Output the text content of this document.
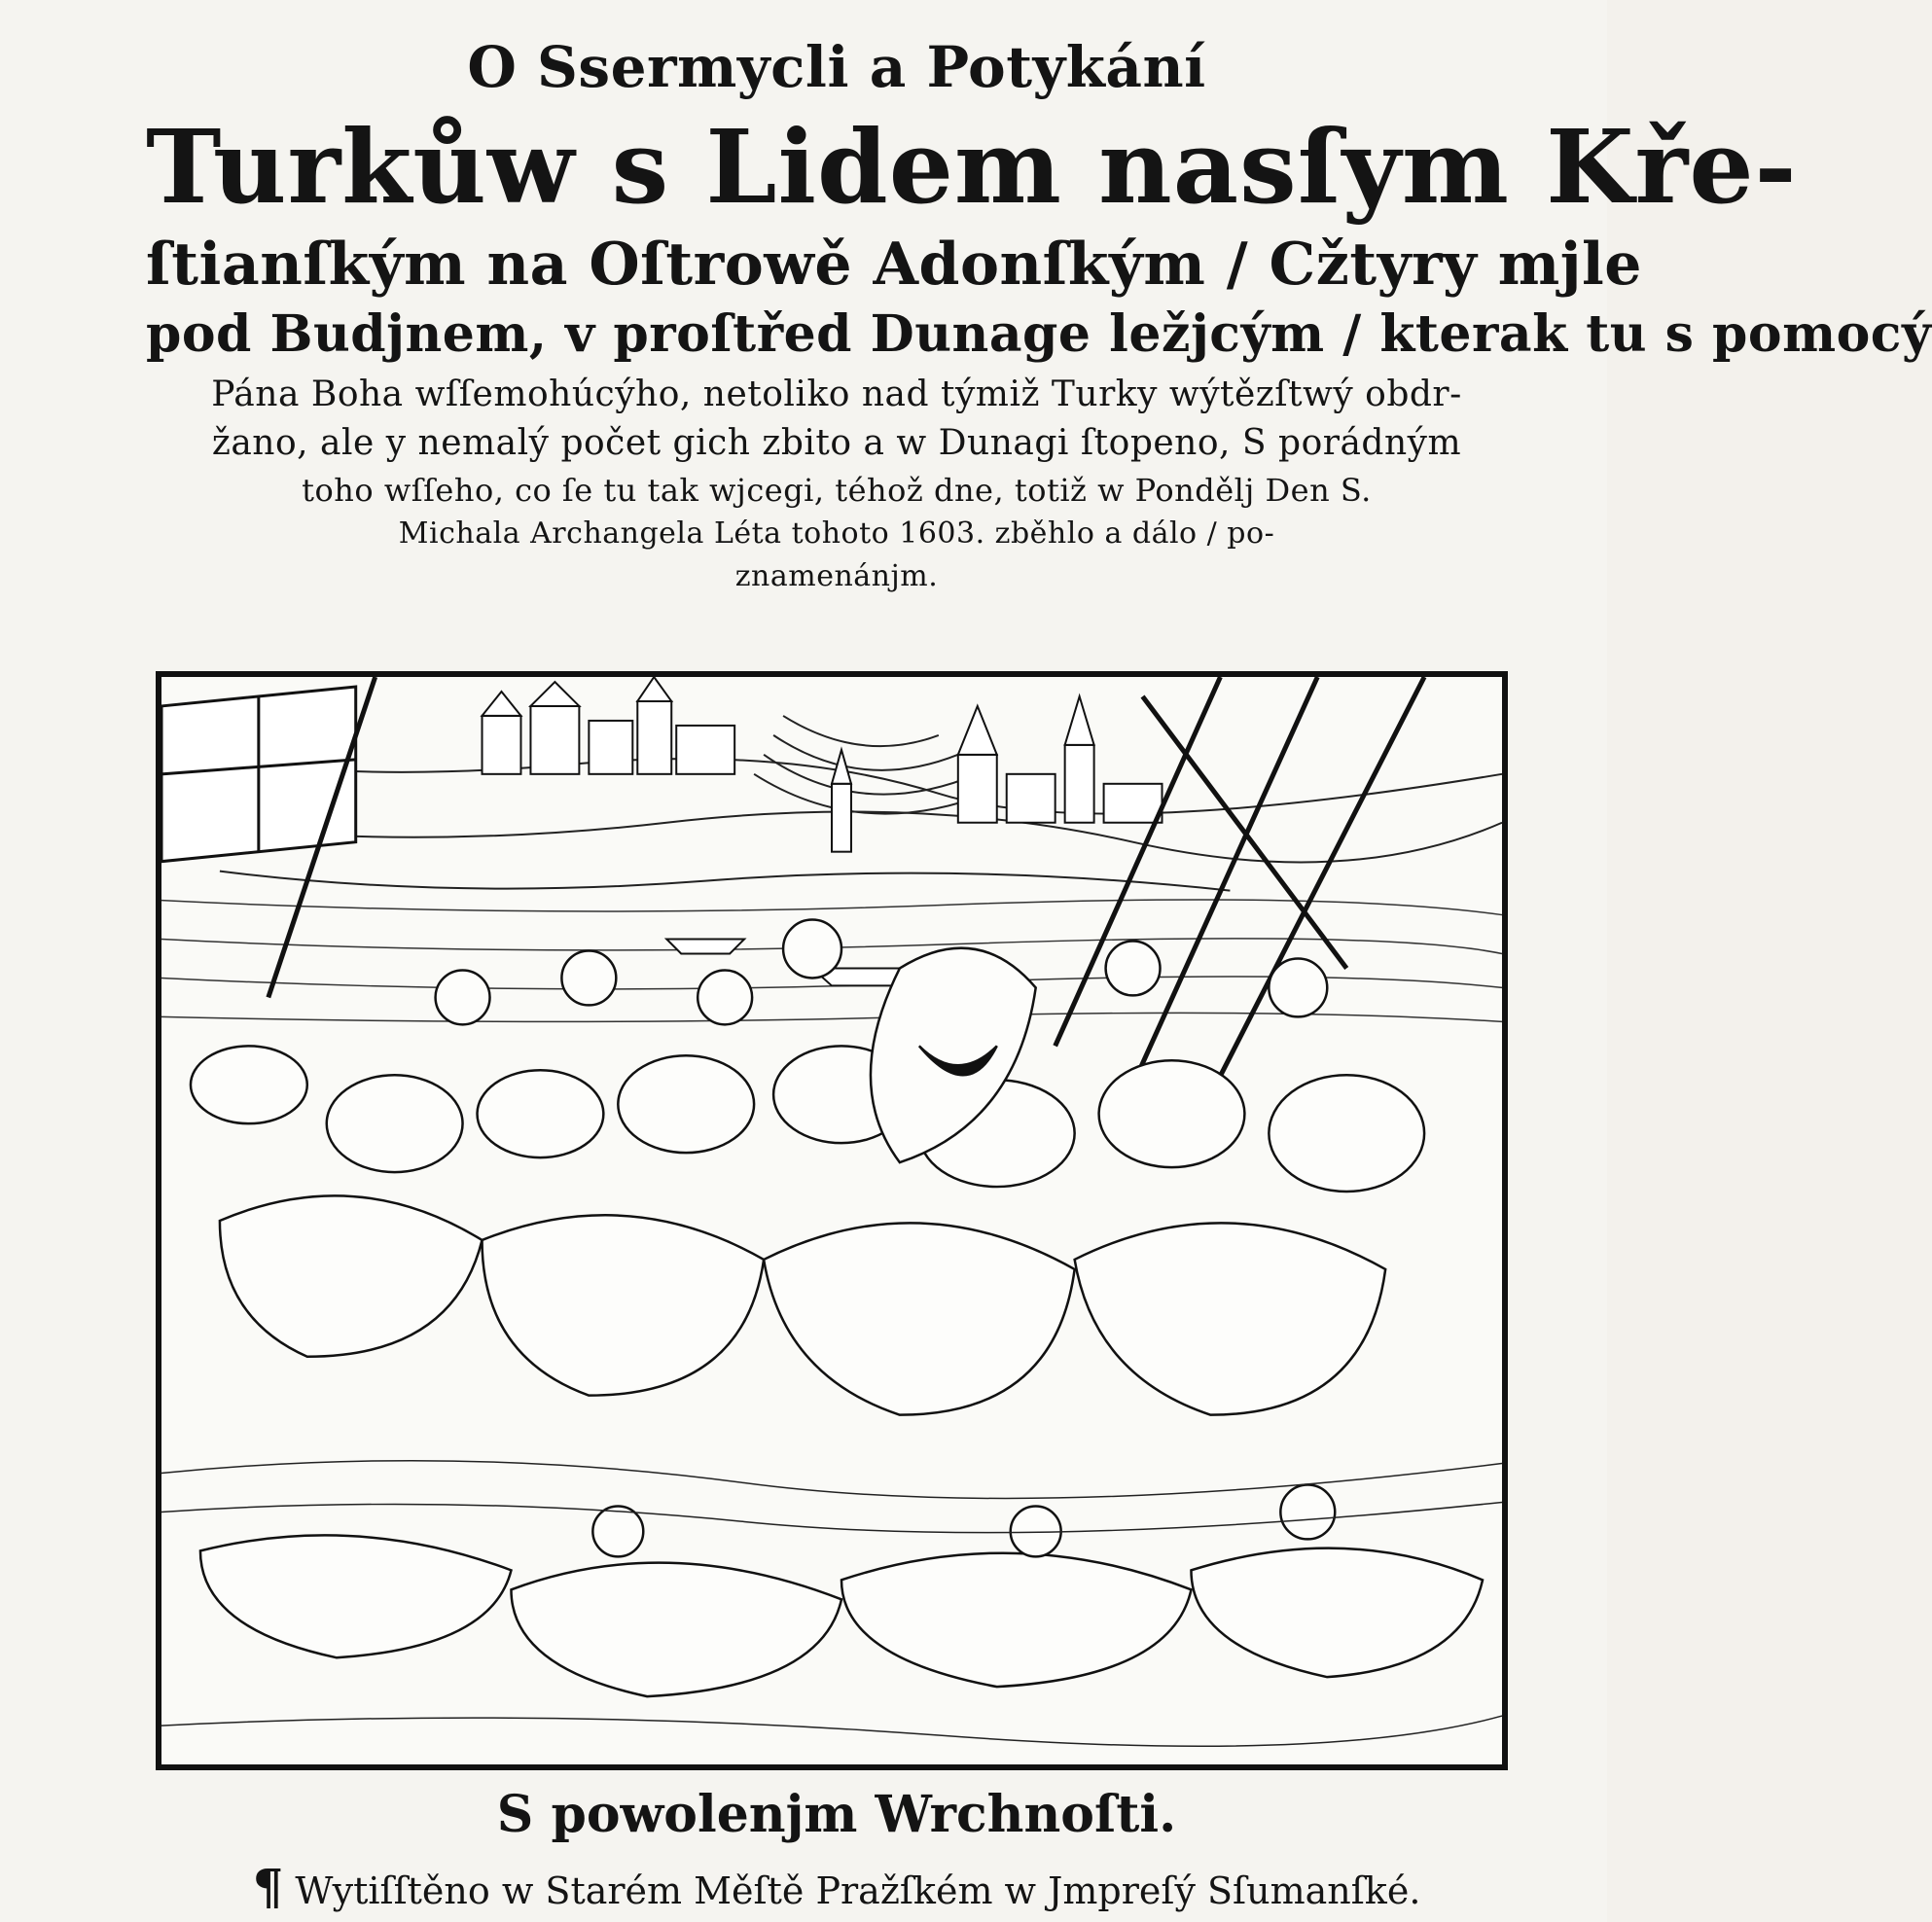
O Ssermycli a Potykání
Turkůw s Lidem nasſym Kře-
ſtianſkým na Oſtrowě Adonſkým / Cžtyry mjle
pod Budjnem, v proſtřed Dunage ležjcým / kterak tu s pomocý
Pána Boha wſſemohúcýho, netoliko nad týmiž Turky wýtězſtwý obdr-
žano, ale y nemalý počet gich zbito a w Dunagi ſtopeno, S porádným
toho wſſeho, co ſe tu tak wjcegi, téhož dne, totiž w Pondělj Den S.
Michala Archangela Léta tohoto 1603. zběhlo a dálo / po-
znamenánjm.
S powolenjm Wrchnoſti.
¶ Wytiſſtěno w Starém Měſtě Pražſkém w Jmpreſý Sſumanſké.
